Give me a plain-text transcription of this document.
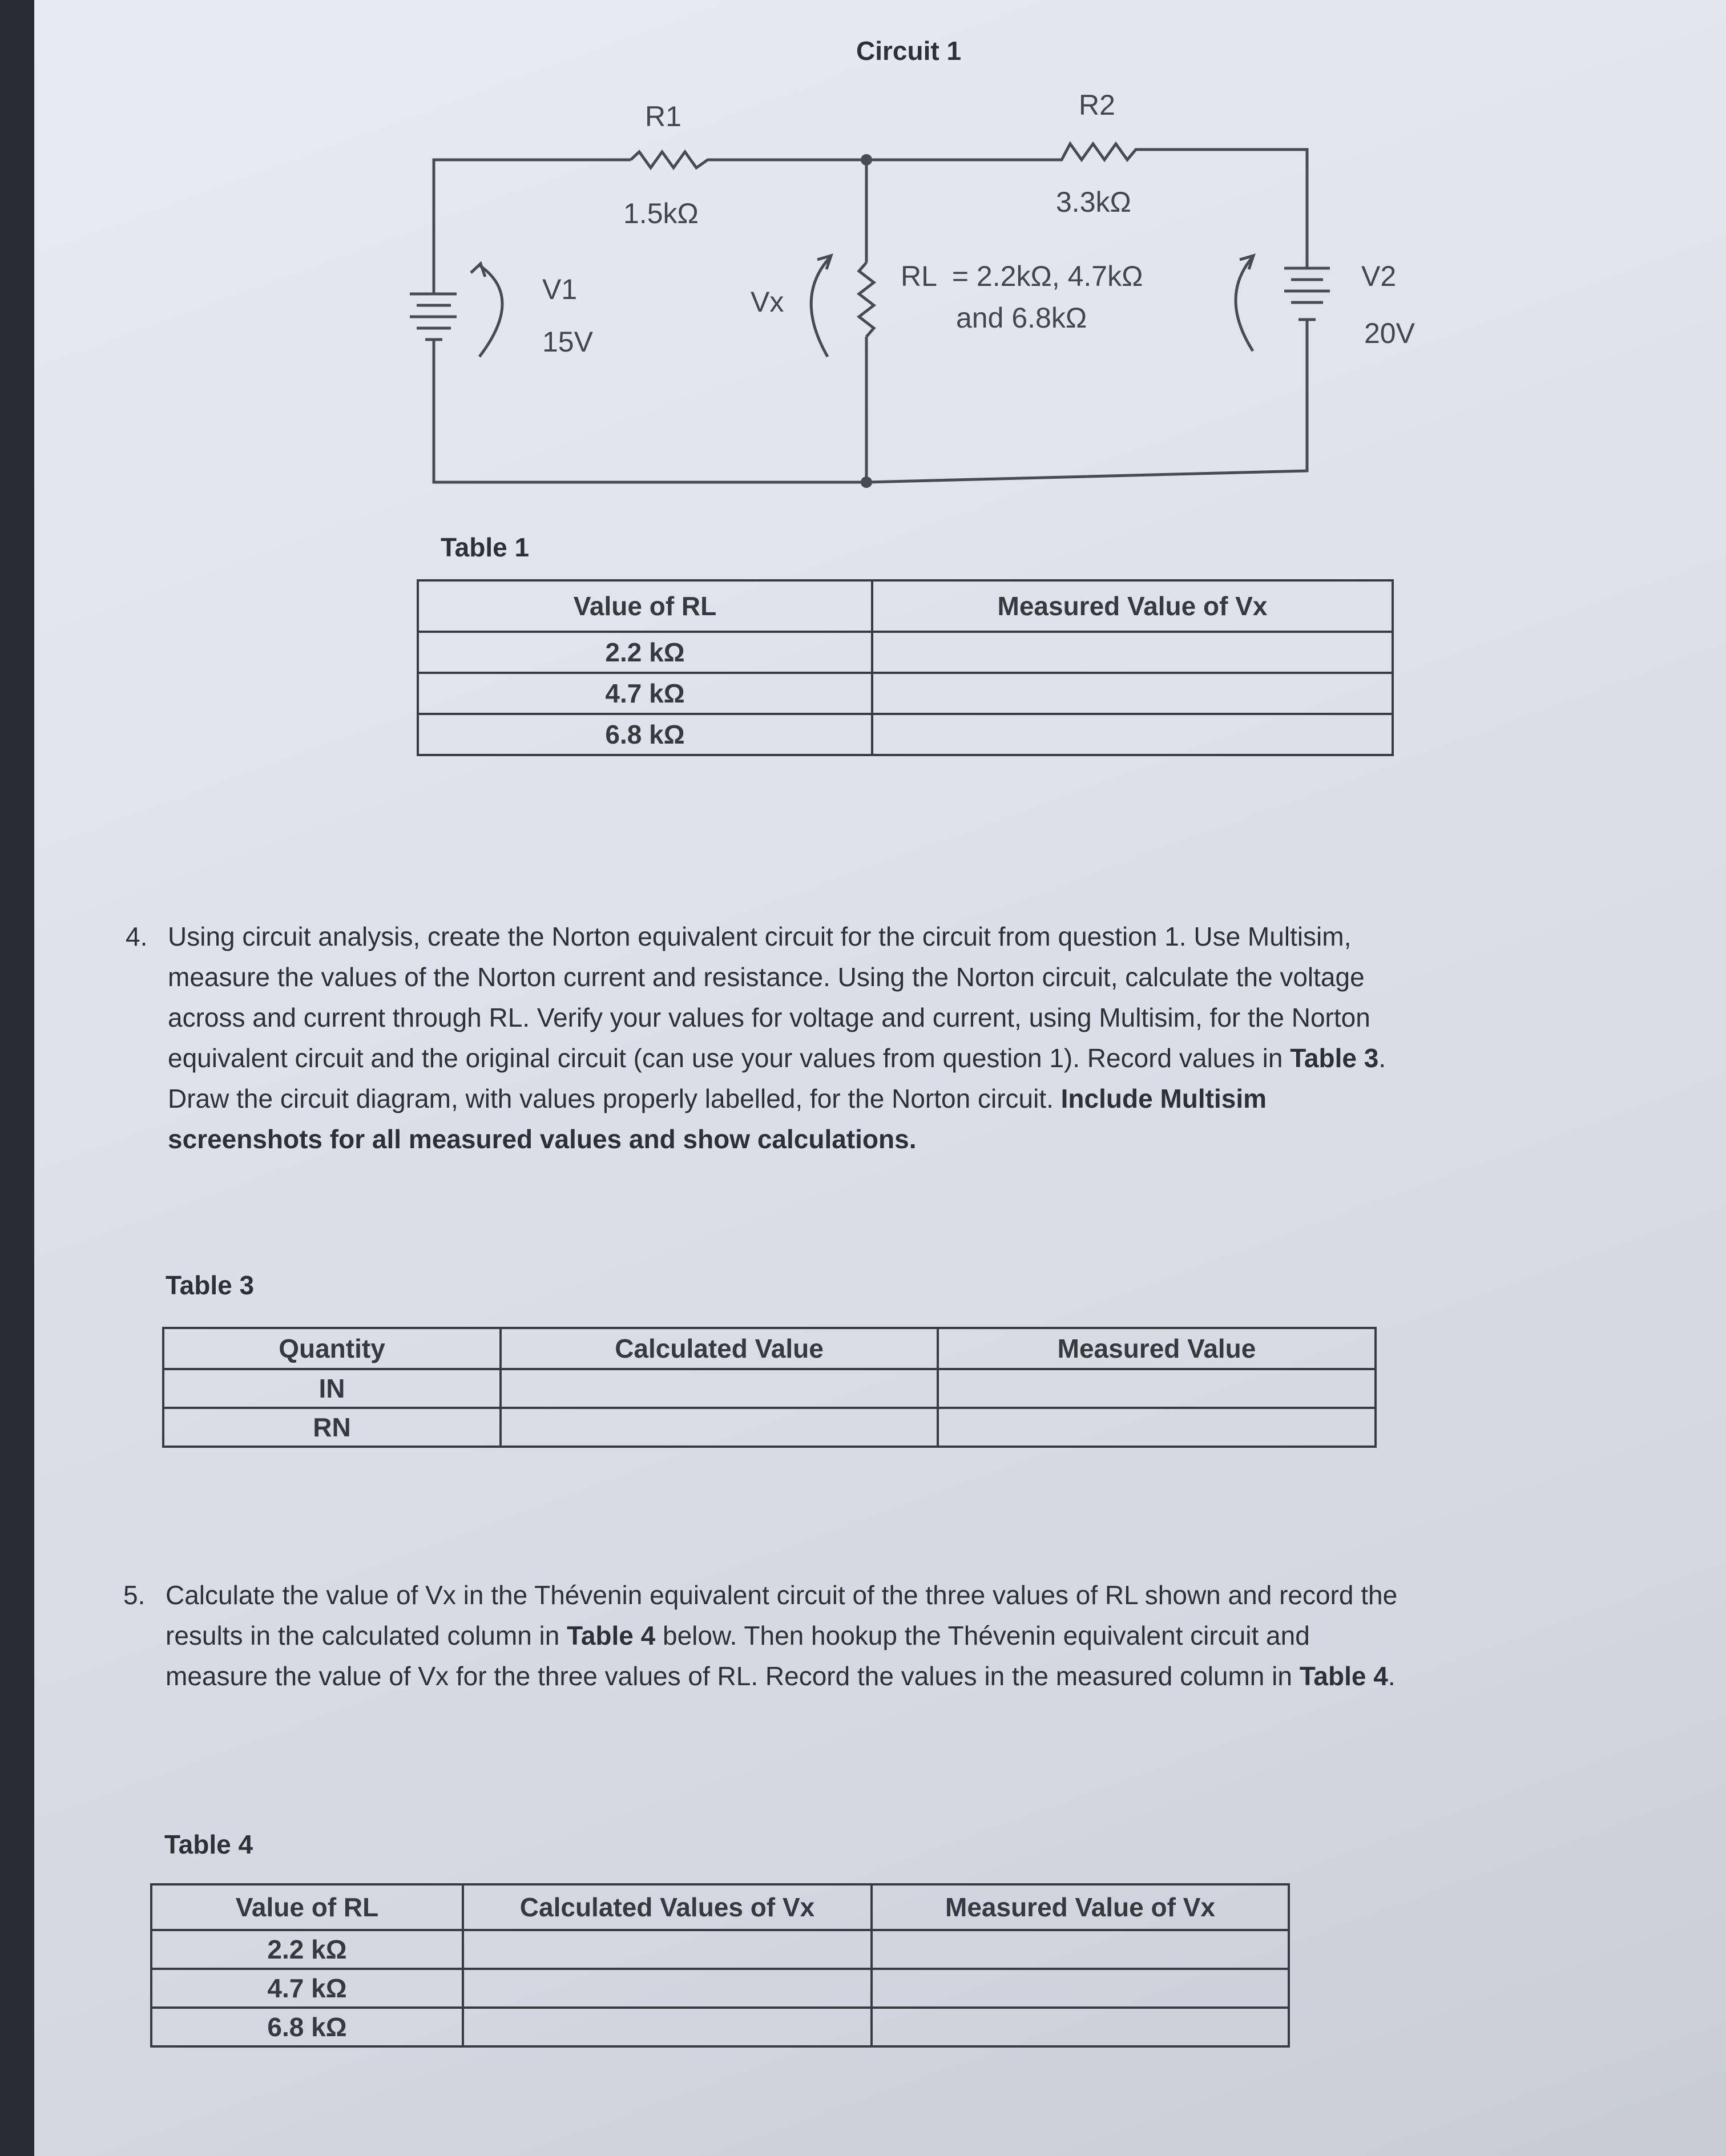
Circuit 1
R1
1.5kΩ
R2
3.3kΩ
V1
15V
Vx
RL  = 2.2kΩ, 4.7kΩ
and 6.8kΩ
V2
20V
Table 1
Value of RL	Measured Value of Vx
2.2 kΩ	
4.7 kΩ	
6.8 kΩ	
4. Using circuit analysis, create the Norton equivalent circuit for the circuit from question 1. Use Multisim, measure the values of the Norton current and resistance. Using the Norton circuit, calculate the voltage across and current through RL. Verify your values for voltage and current, using Multisim, for the Norton equivalent circuit and the original circuit (can use your values from question 1). Record values in Table 3. Draw the circuit diagram, with values properly labelled, for the Norton circuit. Include Multisim screenshots for all measured values and show calculations.

Table 3
Quantity	Calculated Value	Measured Value
IN		
RN		
5. Calculate the value of Vx in the Thévenin equivalent circuit of the three values of RL shown and record the results in the calculated column in Table 4 below. Then hookup the Thévenin equivalent circuit and measure the value of Vx for the three values of RL. Record the values in the measured column in Table 4.

Table 4
Value of RL	Calculated Values of Vx	Measured Value of Vx
2.2 kΩ		
4.7 kΩ		
6.8 kΩ		
